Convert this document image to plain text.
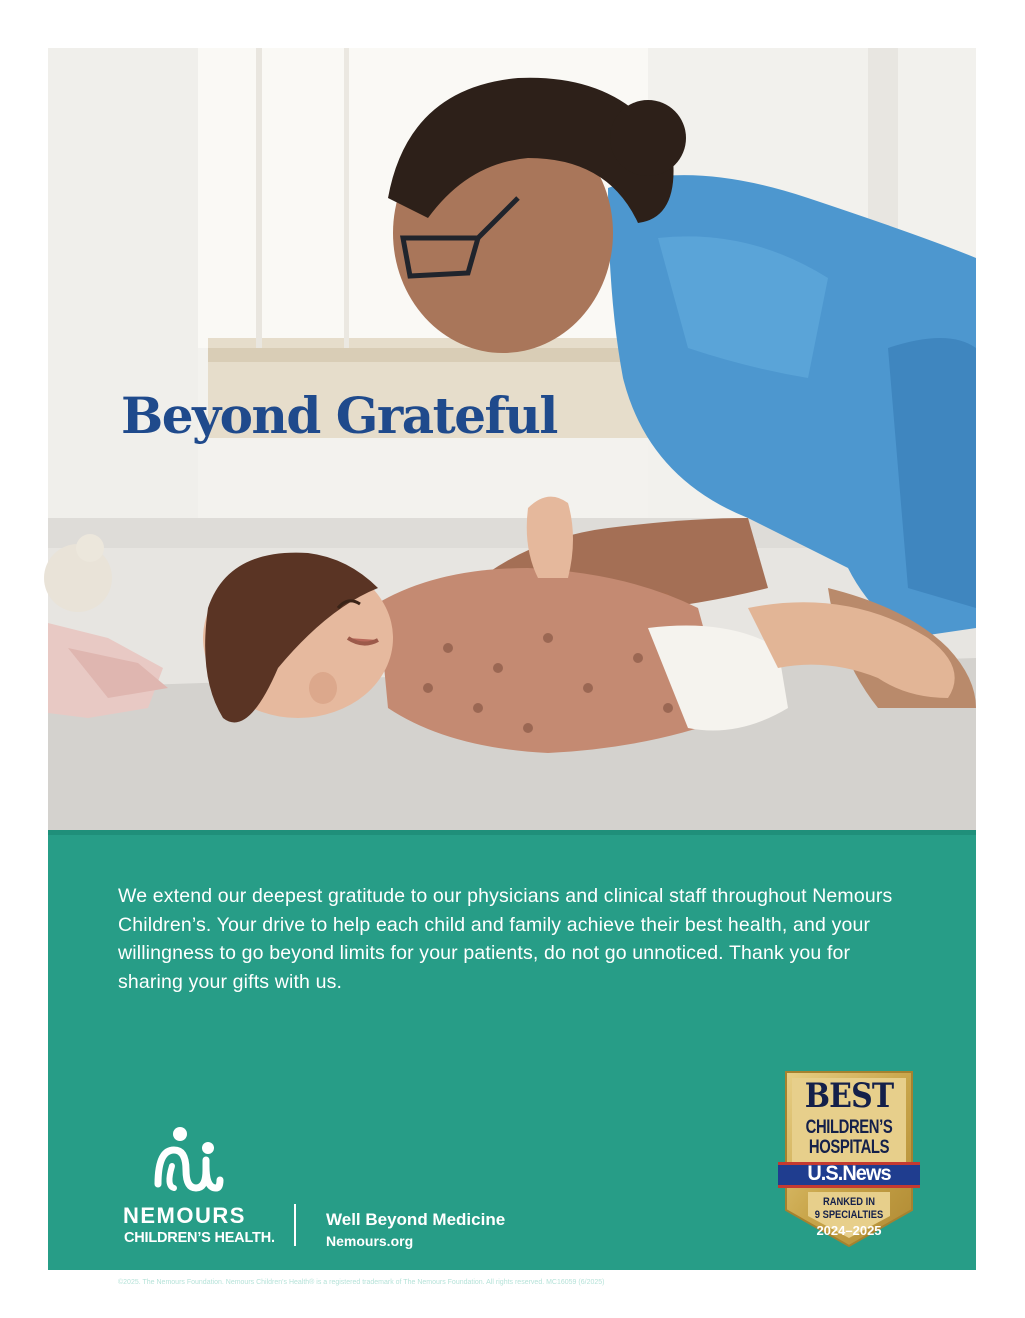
Beyond Grateful

We extend our deepest gratitude to our physicians and clinical staff throughout Nemours Children’s. Your drive to help each child and family achieve their best health, and your willingness to go beyond limits for your patients, do not go unnoticed. Thank you for sharing your gifts with us.

NEMOURS

CHILDREN’S HEALTH.

Well Beyond Medicine

Nemours.org

BEST

CHILDREN’S

HOSPITALS

U.S.News

RANKED IN

9 SPECIALTIES

2024–2025

©2025. The Nemours Foundation. Nemours Children's Health® is a registered trademark of The Nemours Foundation. All rights reserved. MC16059 (6/2025)
